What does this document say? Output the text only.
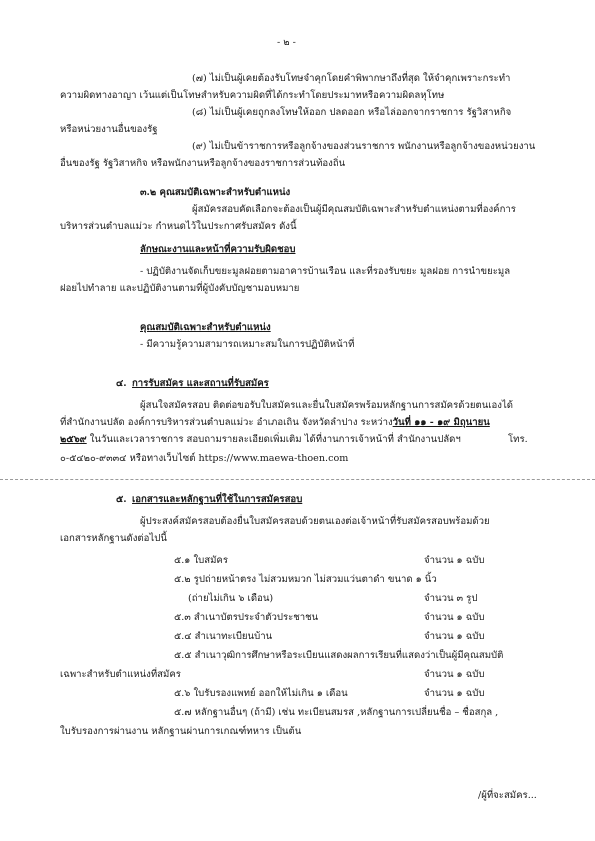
- ๒ -
(๗) ไม่เป็นผู้เคยต้องรับโทษจำคุกโดยคำพิพากษาถึงที่สุด ให้จำคุกเพราะกระทำ
ความผิดทางอาญา เว้นแต่เป็นโทษสำหรับความผิดที่ได้กระทำโดยประมาทหรือความผิดลหุโทษ
(๘) ไม่เป็นผู้เคยถูกลงโทษให้ออก ปลดออก หรือไล่ออกจากราชการ รัฐวิสาหกิจ
หรือหน่วยงานอื่นของรัฐ
(๙) ไม่เป็นข้าราชการหรือลูกจ้างของส่วนราชการ พนักงานหรือลูกจ้างของหน่วยงาน
อื่นของรัฐ รัฐวิสาหกิจ หรือพนักงานหรือลูกจ้างของราชการส่วนท้องถิ่น
๓.๒ คุณสมบัติเฉพาะสำหรับตำแหน่ง
ผู้สมัครสอบคัดเลือกจะต้องเป็นผู้มีคุณสมบัติเฉพาะสำหรับตำแหน่งตามที่องค์การ
บริหารส่วนตำบลแม่วะ กำหนดไว้ในประกาศรับสมัคร ดังนี้
ลักษณะงานและหน้าที่ความรับผิดชอบ
- ปฏิบัติงานจัดเก็บขยะมูลฝอยตามอาคารบ้านเรือน และที่รองรับขยะ มูลฝอย การนำขยะมูล
ฝอยไปทำลาย และปฏิบัติงานตามที่ผู้บังคับบัญชามอบหมาย
คุณสมบัติเฉพาะสำหรับตำแหน่ง
- มีความรู้ความสามารถเหมาะสมในการปฏิบัติหน้าที่
๔. การรับสมัคร และสถานที่รับสมัคร
ผู้สนใจสมัครสอบ ติดต่อขอรับใบสมัครและยื่นใบสมัครพร้อมหลักฐานการสมัครด้วยตนเองได้
ที่สำนักงานปลัด องค์การบริหารส่วนตำบลแม่วะ อำเภอเถิน จังหวัดลำปาง ระหว่างวันที่ ๑๑ - ๑๙ มิถุนายน
๒๕๖๙ ในวันและเวลาราชการ สอบถามรายละเอียดเพิ่มเติม ได้ที่งานการเจ้าหน้าที่ สำนักงานปลัดฯ	โทร.
๐-๕๔๒๐-๙๓๓๔ หรือทางเว็บไซต์ https://www.maewa-thoen.com
๕. เอกสารและหลักฐานที่ใช้ในการสมัครสอบ
ผู้ประสงค์สมัครสอบต้องยื่นใบสมัครสอบด้วยตนเองต่อเจ้าหน้าที่รับสมัครสอบพร้อมด้วย
เอกสารหลักฐานดังต่อไปนี้
๕.๑ ใบสมัคร	จำนวน ๑ ฉบับ
๕.๒ รูปถ่ายหน้าตรง ไม่สวมหมวก ไม่สวมแว่นตาดำ ขนาด ๑ นิ้ว
(ถ่ายไม่เกิน ๖ เดือน)	จำนวน ๓ รูป
๕.๓ สำเนาบัตรประจำตัวประชาชน	จำนวน ๑ ฉบับ
๕.๔ สำเนาทะเบียนบ้าน	จำนวน ๑ ฉบับ
๕.๕ สำเนาวุฒิการศึกษาหรือระเบียนแสดงผลการเรียนที่แสดงว่าเป็นผู้มีคุณสมบัติ
เฉพาะสำหรับตำแหน่งที่สมัคร	จำนวน ๑ ฉบับ
๕.๖ ใบรับรองแพทย์ ออกให้ไม่เกิน ๑ เดือน	จำนวน ๑ ฉบับ
๕.๗ หลักฐานอื่นๆ (ถ้ามี) เช่น ทะเบียนสมรส ,หลักฐานการเปลี่ยนชื่อ – ชื่อสกุล ,
ใบรับรองการผ่านงาน หลักฐานผ่านการเกณฑ์ทหาร เป็นต้น
/ผู้ที่จะสมัคร...
